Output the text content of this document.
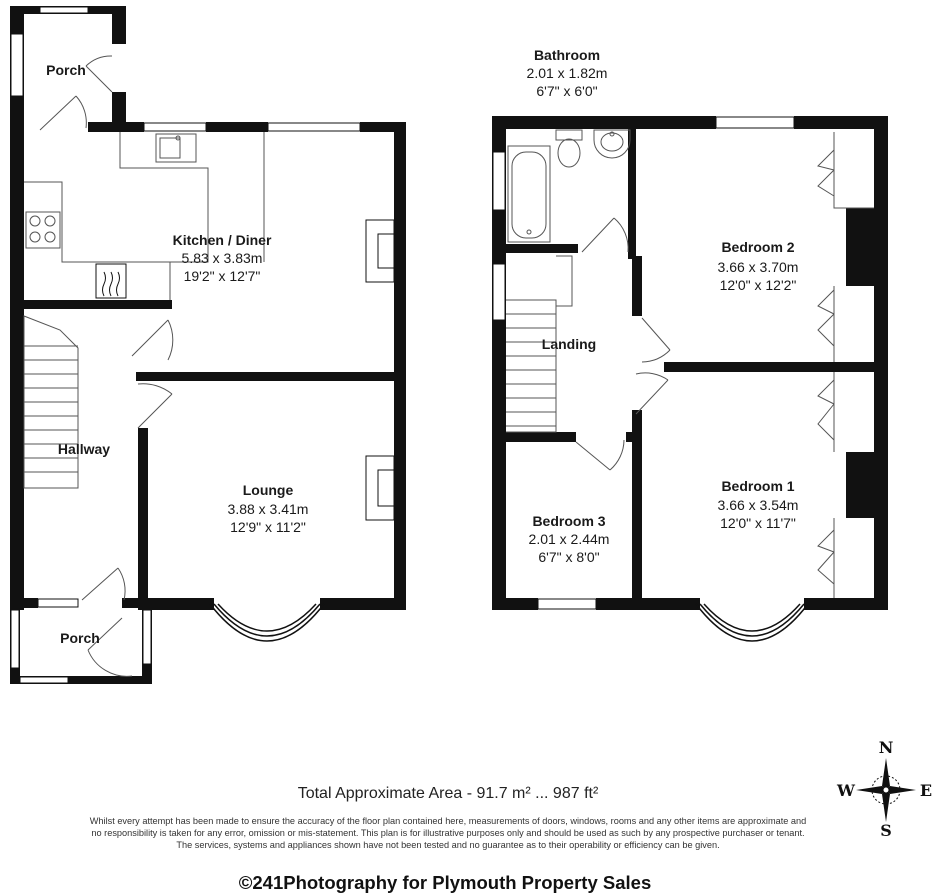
Porch
Kitchen / Diner
5.83 x 3.83m
19'2" x 12'7"
Hallway
Lounge
3.88 x 3.41m
12'9" x 11'2"
Porch
Bathroom
2.01 x 1.82m
6'7" x 6'0"
Landing
Bedroom 2
3.66 x 3.70m
12'0" x 12'2"
Bedroom 1
3.66 x 3.54m
12'0" x 11'7"
Bedroom 3
2.01 x 2.44m
6'7" x 8'0"
N
S
W	E
Total Approximate Area - 91.7 m² ... 987 ft²
Whilst every attempt has been made to ensure the accuracy of the floor plan contained here, measurements of doors, windows, rooms and any other items are approximate and
no responsibility is taken for any error, omission or mis-statement. This plan is for illustrative purposes only and should be used as such by any prospective purchaser or tenant.
The services, systems and appliances shown have not been tested and no guarantee as to their operability or efficiency can be given.
©241Photography for Plymouth Property Sales
